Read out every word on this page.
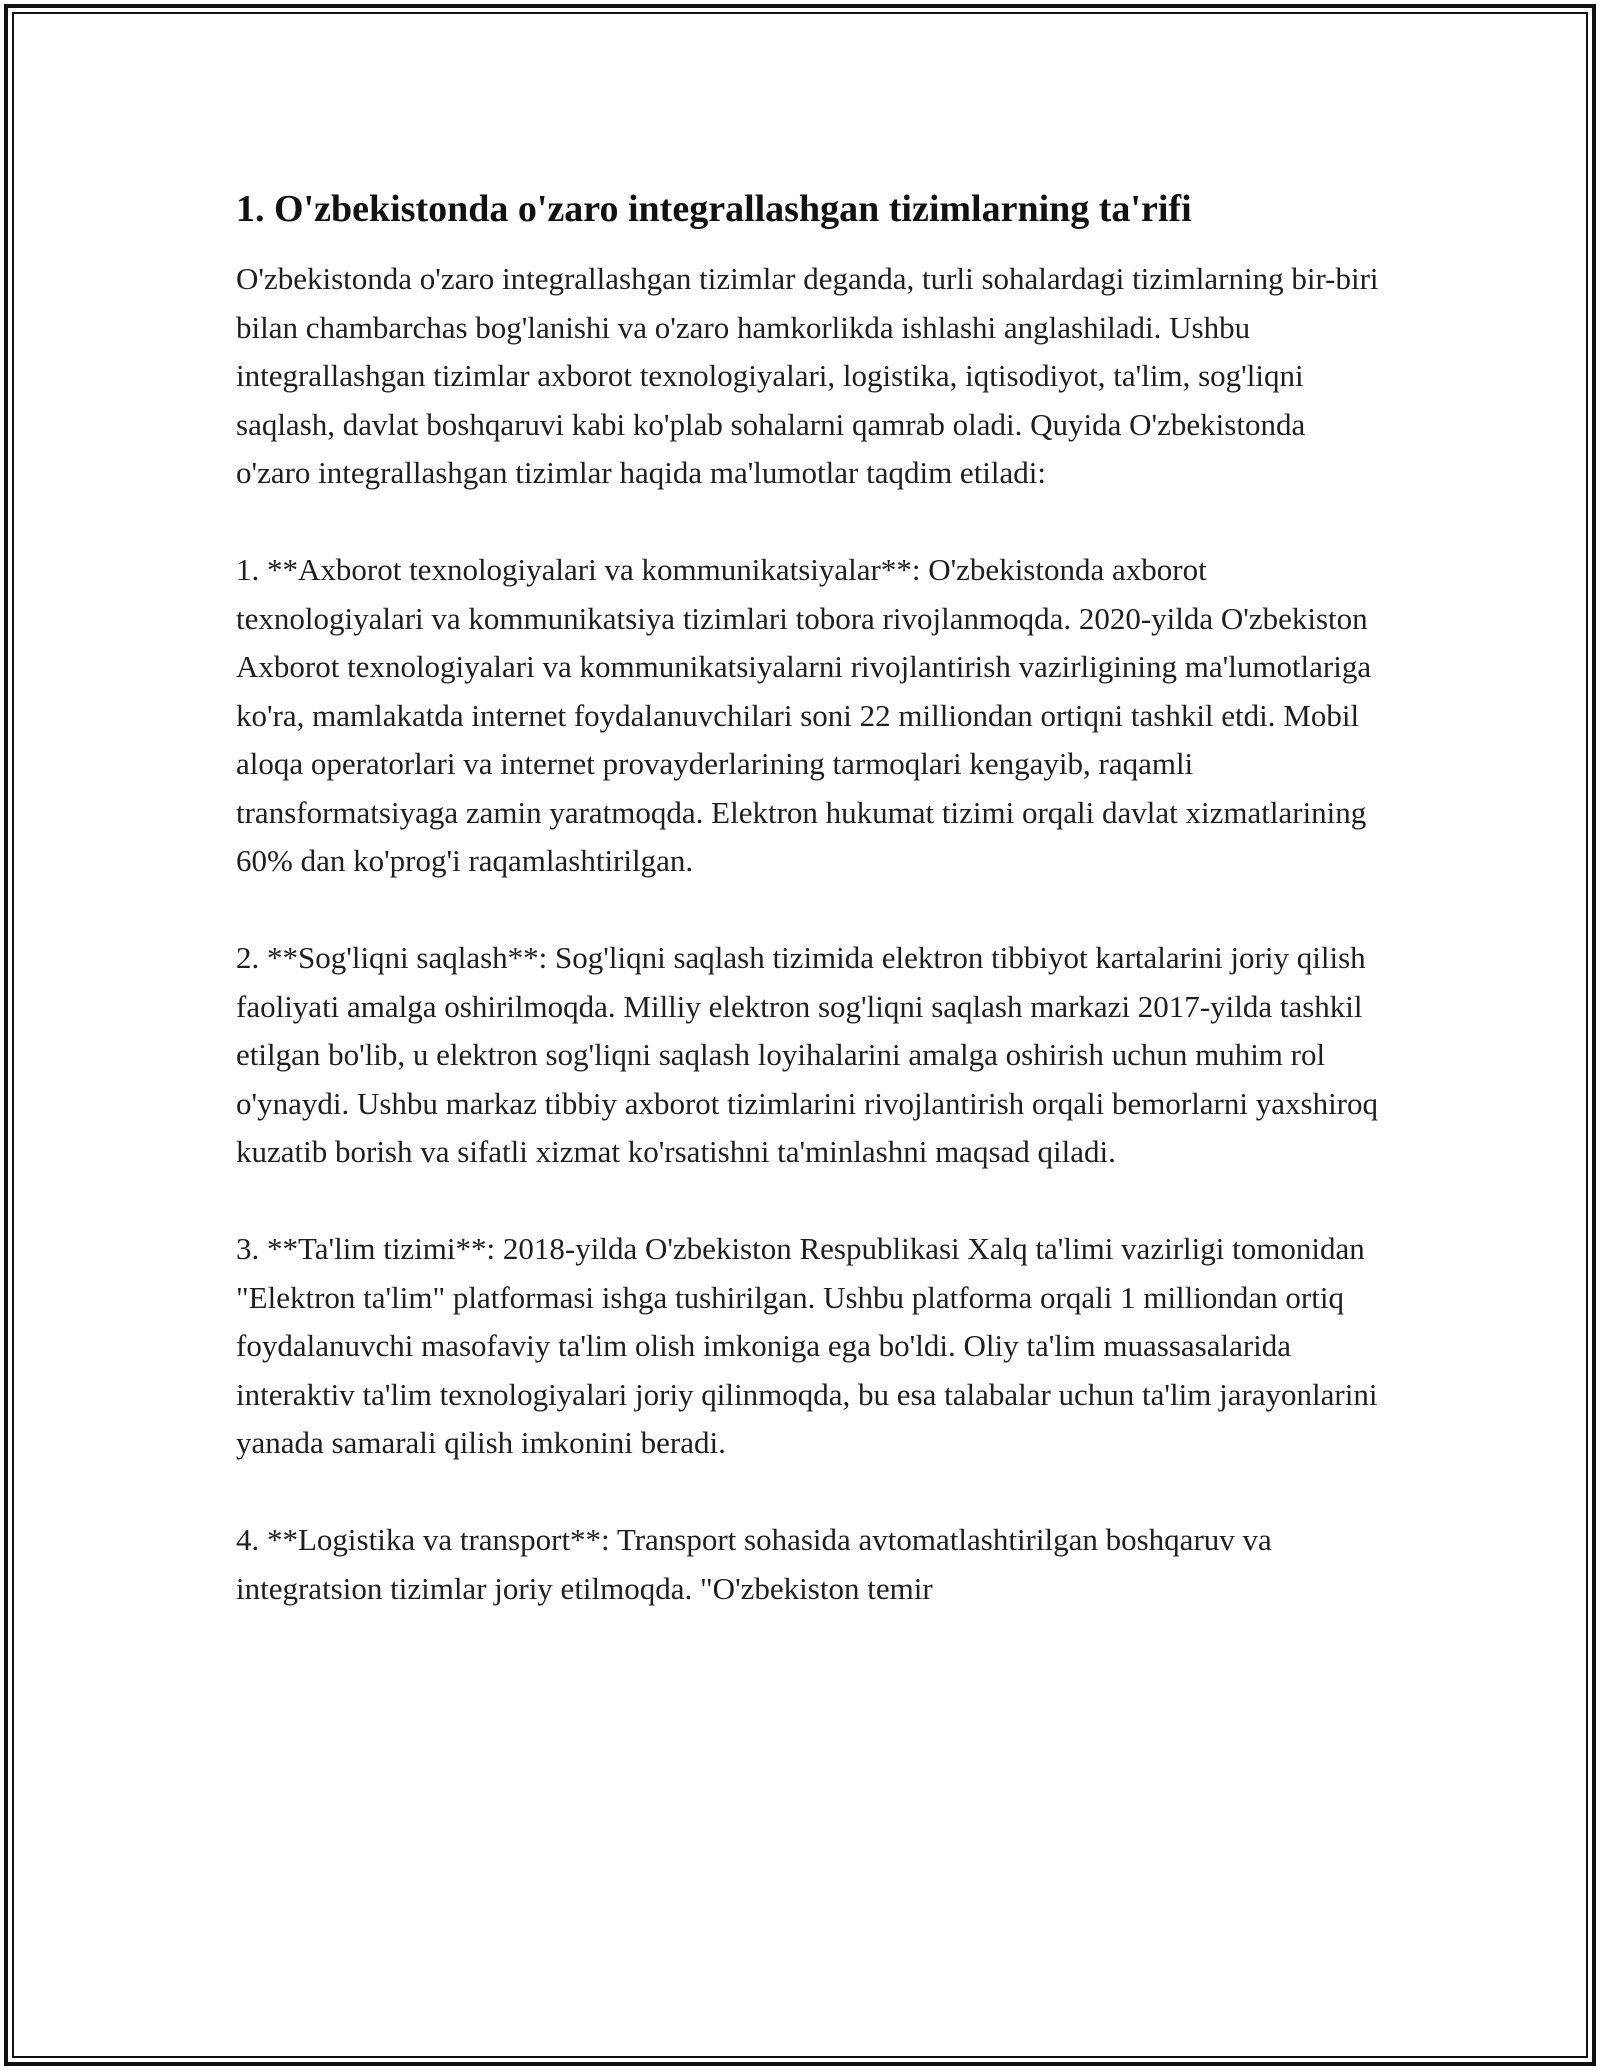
1. O'zbekistonda o'zaro integrallashgan tizimlarning ta'rifi

O'zbekistonda o'zaro integrallashgan tizimlar deganda, turli sohalardagi tizimlarning bir-biri bilan chambarchas bog'lanishi va o'zaro hamkorlikda ishlashi anglashiladi. Ushbu integrallashgan tizimlar axborot texnologiyalari, logistika, iqtisodiyot, ta'lim, sog'liqni saqlash, davlat boshqaruvi kabi ko'plab sohalarni qamrab oladi. Quyida O'zbekistonda o'zaro integrallashgan tizimlar haqida ma'lumotlar taqdim etiladi:

1. **Axborot texnologiyalari va kommunikatsiyalar**: O'zbekistonda axborot texnologiyalari va kommunikatsiya tizimlari tobora rivojlanmoqda. 2020-yilda O'zbekiston Axborot texnologiyalari va kommunikatsiyalarni rivojlantirish vazirligining ma'lumotlariga ko'ra, mamlakatda internet foydalanuvchilari soni 22 milliondan ortiqni tashkil etdi. Mobil aloqa operatorlari va internet provayderlarining tarmoqlari kengayib, raqamli transformatsiyaga zamin yaratmoqda. Elektron hukumat tizimi orqali davlat xizmatlarining 60% dan ko'prog'i raqamlashtirilgan.

2. **Sog'liqni saqlash**: Sog'liqni saqlash tizimida elektron tibbiyot kartalarini joriy qilish faoliyati amalga oshirilmoqda. Milliy elektron sog'liqni saqlash markazi 2017-yilda tashkil etilgan bo'lib, u elektron sog'liqni saqlash loyihalarini amalga oshirish uchun muhim rol o'ynaydi. Ushbu markaz tibbiy axborot tizimlarini rivojlantirish orqali bemorlarni yaxshiroq kuzatib borish va sifatli xizmat ko'rsatishni ta'minlashni maqsad qiladi.

3. **Ta'lim tizimi**: 2018-yilda O'zbekiston Respublikasi Xalq ta'limi vazirligi tomonidan "Elektron ta'lim" platformasi ishga tushirilgan. Ushbu platforma orqali 1 milliondan ortiq foydalanuvchi masofaviy ta'lim olish imkoniga ega bo'ldi. Oliy ta'lim muassasalarida interaktiv ta'lim texnologiyalari joriy qilinmoqda, bu esa talabalar uchun ta'lim jarayonlarini yanada samarali qilish imkonini beradi.

4. **Logistika va transport**: Transport sohasida avtomatlashtirilgan boshqaruv va integratsion tizimlar joriy etilmoqda. "O'zbekiston temir
